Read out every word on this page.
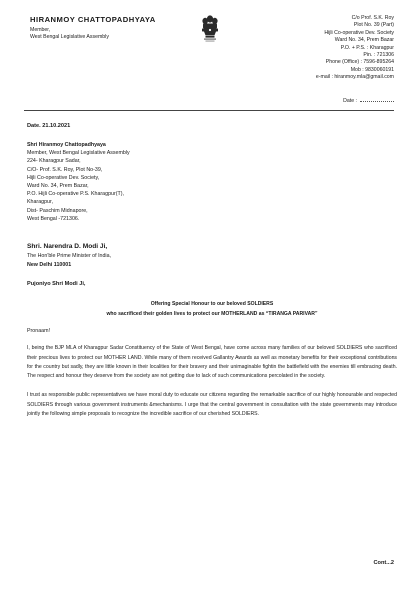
HIRANMOY CHATTOPADHYAYA
Member,
West Bengal Legislative Assembly
C/o Prof. S.K. Roy
Plot No. 39 (Part)
Hijli Co-operative Dev. Society
Ward No. 34, Prem Bazar
P.O. + P.S. : Kharagpur
Pin. : 721306
Phone (Office) : 7596-895264
Mob : 9830060191
e-mail : hiranmoy.mla@gmail.com
Date :
Date. 21.10.2021
Shri Hiranmoy Chattopadhyaya
Member, West Bengal Legislative Assembly
224- Kharagpur Sadar,
C/O- Prof. S.K. Roy, Plot No-39,
Hijli Co-operative Dev. Society,
Ward No. 34, Prem Bazar,
P.O. Hijli Co-operative P.S. Kharagpur(T),
Kharagpur,
Dist- Paschim Midnapore,
West Bengal -721306.
Shri. Narendra D. Modi Ji,
The Hon'ble Prime Minister of India,
New Delhi 110001
Pujoniyo Shri Modi Ji,
Offering Special Honour to our beloved SOLDIERS
who sacrificed their golden lives to protect our MOTHERLAND as “TIRANGA PARIVAR”
Pronaam!

I, being the BJP MLA of Kharagpur Sadar Constituency of the State of West Bengal, have come across many families of our beloved SOLDIERS who sacrificed their precious lives to protect our MOTHER LAND. While many of them received Gallantry Awards as well as monetary benefits for their exceptional contributions for the country but sadly, they are little known in their localities for their bravery and their unimaginable fightin the battlefield with the enemies till embracing death. The respect and honour they deserve from the society are not getting due to lack of such communications percolated in the society.

I trust as responsible public representatives we have moral duty to educate our citizens regarding the remarkable sacrifice of our highly honourable and respected SOLDIERS through various government instruments &mechanisms. I urge that the central government in consultation with the state governments may introduce jointly the following simple proposals to recognize the incredible sacrifice of our cherished SOLDIERS.

Cont...2
